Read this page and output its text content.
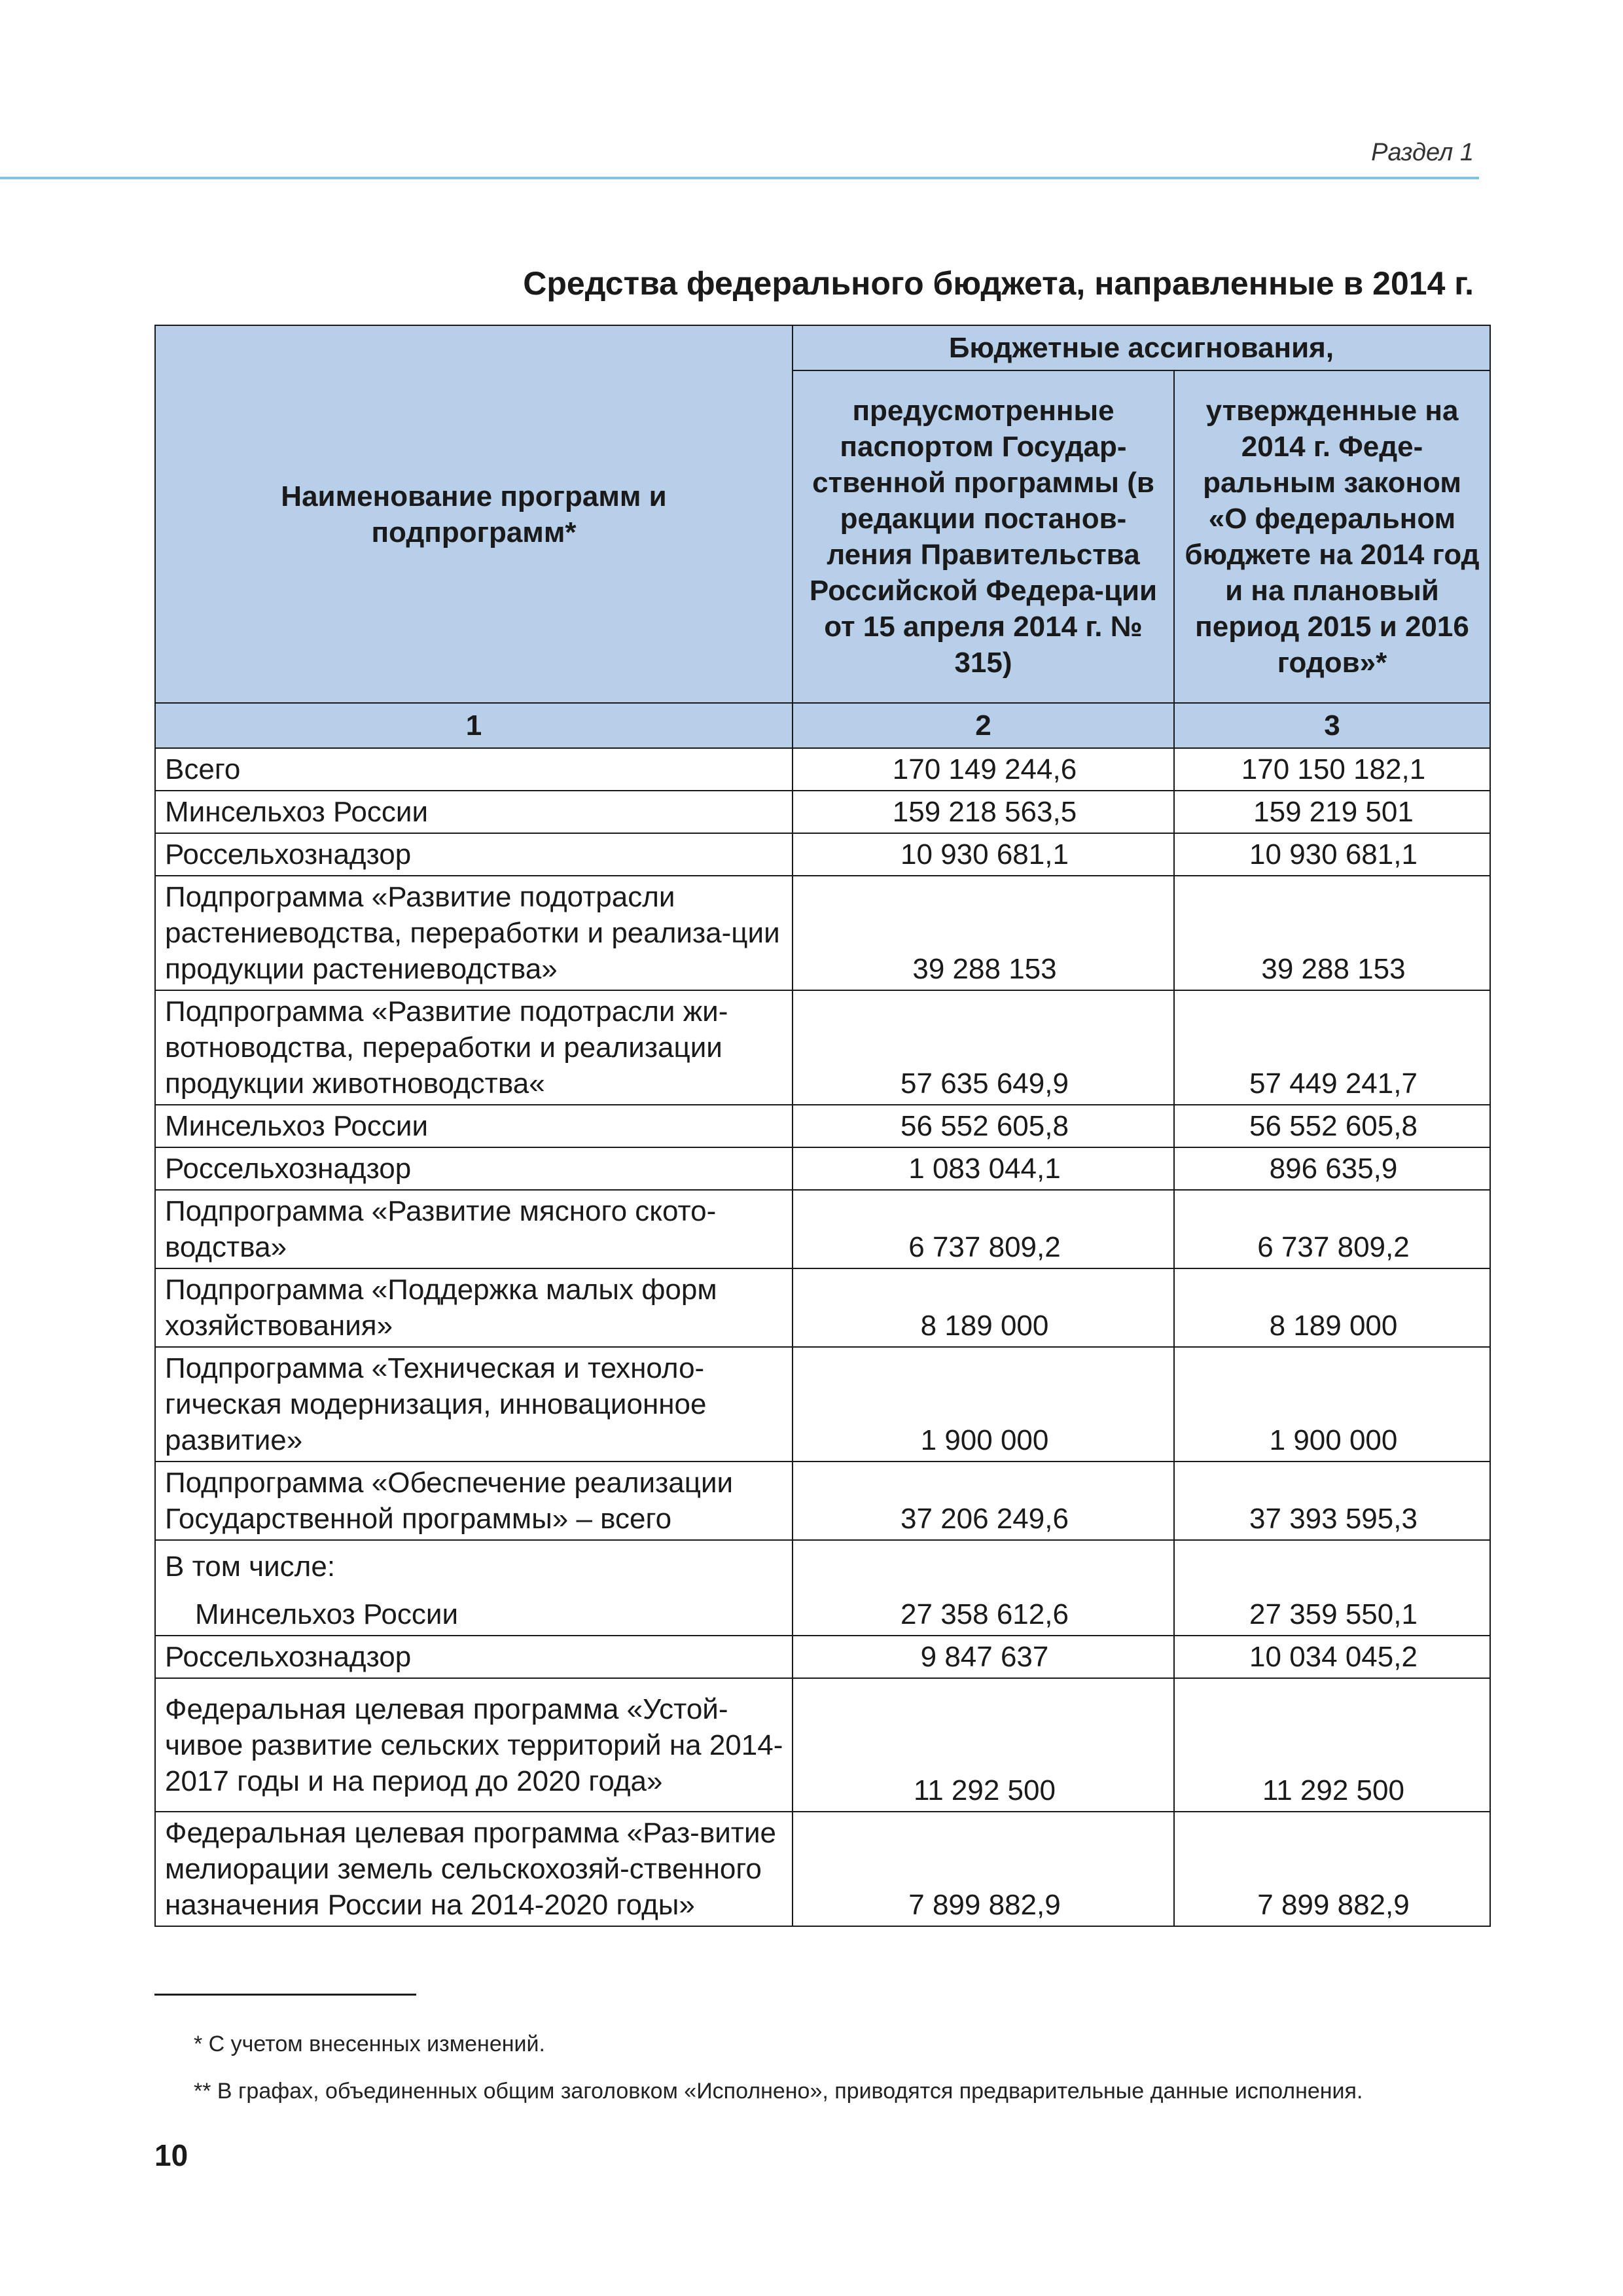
Раздел 1
Средства федерального бюджета, направленные в 2014 г.
Наименование программ и подпрограмм*	Бюджетные ассигнования,	

	предусмотренные паспортом Государ-ственной программы (в редакции постанов-ления Правительства Российской Федера-ции от 15 апреля 2014 г. № 315)	утвержденные на 2014 г. Феде-ральным законом «О федеральном бюджете на 2014 год и на плановый период 2015 и 2016 годов»*

1	2	3
Всего	170 149 244,6	170 150 182,1
Минсельхоз России	159 218 563,5	159 219 501
Россельхознадзор	10 930 681,1	10 930 681,1
Подпрограмма «Развитие подотрасли растениеводства, переработки и реализа-ции продукции растениеводства»	39 288 153	39 288 153
Подпрограмма «Развитие подотрасли жи-вотноводства, переработки и реализации продукции животноводства«	57 635 649,9	57 449 241,7
Минсельхоз России	56 552 605,8	56 552 605,8
Россельхознадзор	1 083 044,1	896 635,9
Подпрограмма «Развитие мясного ското-водства»	6 737 809,2	6 737 809,2
Подпрограмма «Поддержка малых форм хозяйствования»	8 189 000	8 189 000
Подпрограмма «Техническая и техноло-гическая модернизация, инновационное развитие»	1 900 000	1 900 000
Подпрограмма «Обеспечение реализации Государственной программы» – всего	37 206 249,6	37 393 595,3

В том числе:
Минсельхоз России	27 358 612,6	27 359 550,1
Россельхознадзор	9 847 637	10 034 045,2
Федеральная целевая программа «Устой-чивое развитие сельских территорий на 2014-2017 годы и на период до 2020 года»	11 292 500	11 292 500
Федеральная целевая программа «Раз-витие мелиорации земель сельскохозяй-ственного назначения России на 2014-2020 годы»	7 899 882,9	7 899 882,9
* С учетом внесенных изменений.
** В графах, объединенных общим заголовком «Исполнено», приводятся предварительные данные исполнения.
10
